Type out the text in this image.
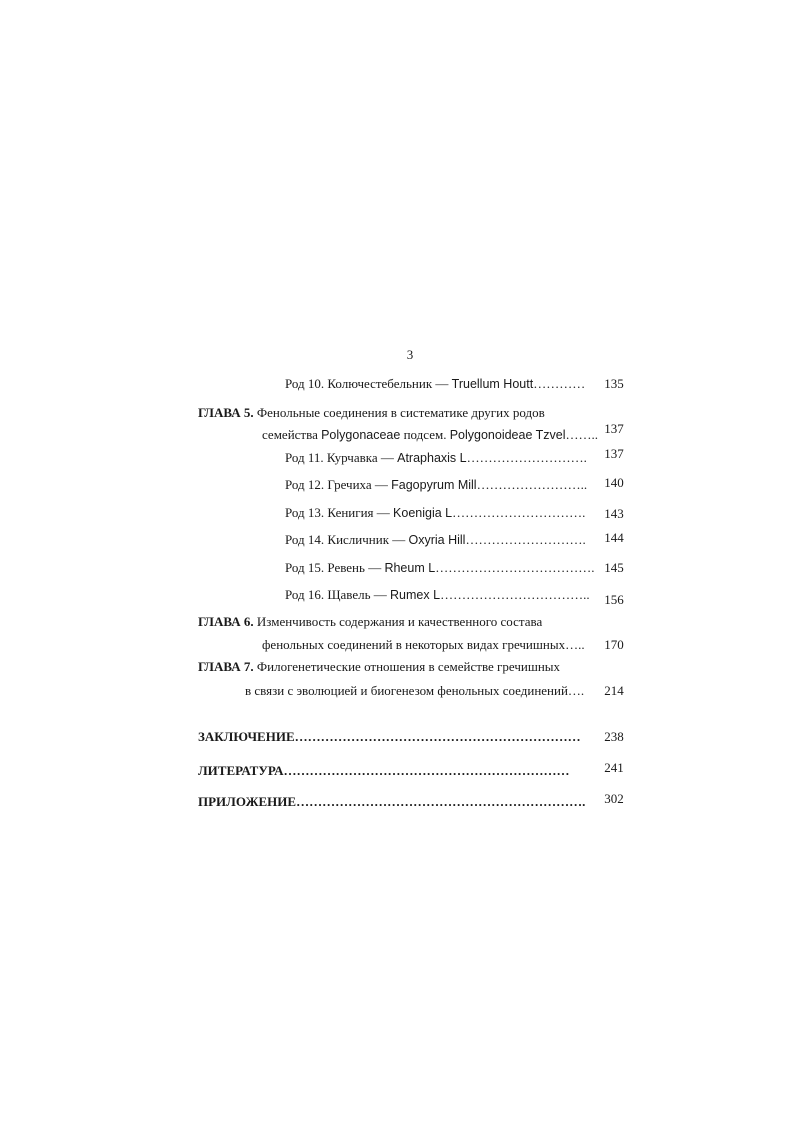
3
Род 10. Колючестебельник — Truellum Houtt…………	135
ГЛАВА 5. Фенольные соединения в систематике других родов
семейства Polygonaceae подсем. Polygonoideae Tzvel…….. 137
Род 11. Курчавка — Atraphaxis L……………………….	137
Род 12. Гречиха — Fagopyrum Mill……………………..	140
Род 13. Кенигия — Koenigia L………………………….	143
Род 14. Кисличник — Oxyria Hill……………………….	144
Род 15. Ревень — Rheum L………………………………. 145
Род 16. Щавель — Rumex L……………………………..	156
ГЛАВА 6. Изменчивость содержания и качественного состава
фенольных соединений в некоторых видах гречишных…..	170
ГЛАВА 7. Филогенетические отношения в семействе гречишных
в связи с эволюцией и биогенезом фенольных соединений….	214
ЗАКЛЮЧЕНИЕ…………………………………………………………	238
ЛИТЕРАТУРА…………………………………………………………	241
ПРИЛОЖЕНИЕ………………………………………………………….	302
